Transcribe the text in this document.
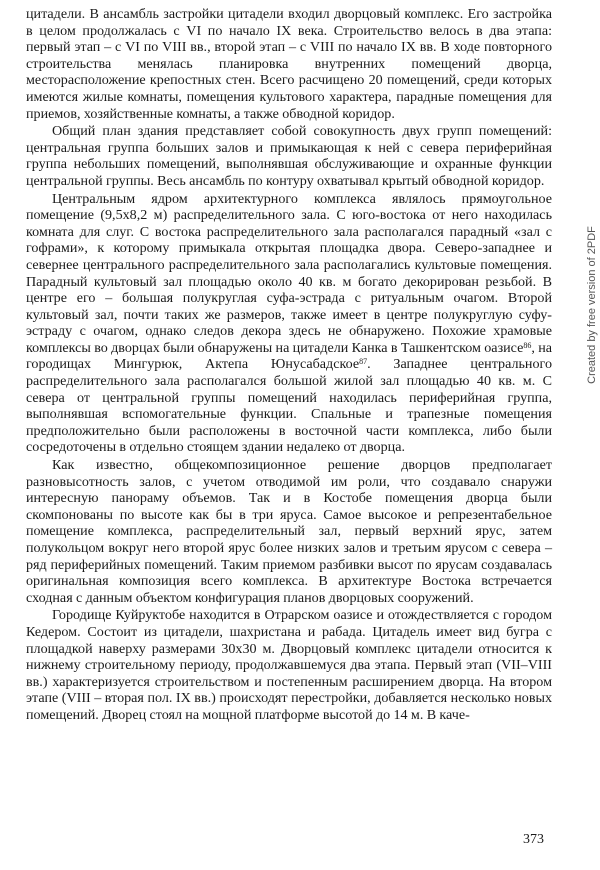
цитадели. В ансамбль застройки цитадели входил дворцовый комплекс. Его застройка в целом продолжалась с VI по начало IX века. Строительство велось в два этапа: первый этап – с VI по VIII вв., второй этап – с VIII по начало IX вв. В ходе повторного строительства менялась планировка внутренних помещений дворца, месторасположение крепостных стен. Всего расчищено 20 помещений, среди которых имеются жилые комнаты, помещения культового характера, парадные помещения для приемов, хозяйственные комнаты, а также обводной коридор.

Общий план здания представляет собой совокупность двух групп помещений: центральная группа больших залов и примыкающая к ней с севера периферийная группа небольших помещений, выполнявшая обслуживающие и охранные функции центральной группы. Весь ансамбль по контуру охватывал крытый обводной коридор.

Центральным ядром архитектурного комплекса являлось прямоугольное помещение (9,5х8,2 м) распределительного зала. С юго-востока от него находилась комната для слуг. С востока распределительного зала располагался парадный «зал с гофрами», к которому примыкала открытая площадка двора. Северо-западнее и севернее центрального распределительного зала располагались культовые помещения. Парадный культовый зал площадью около 40 кв. м богато декорирован резьбой. В центре его – большая полукруглая суфа-эстрада с ритуальным очагом. Второй культовый зал, почти таких же размеров, также имеет в центре полукруглую суфу-эстраду с очагом, однако следов декора здесь не обнаружено. Похожие храмовые комплексы во дворцах были обнаружены на цитадели Канка в Ташкентском оазисе$^{86}$, на городищах Мингурюк, Актепа Юнусабадское$^{87}$. Западнее центрального распределительного зала располагался большой жилой зал площадью 40 кв. м. С севера от центральной группы помещений находилась периферийная группа, выполнявшая вспомогательные функции. Спальные и трапезные помещения предположительно были расположены в восточной части комплекса, либо были сосредоточены в отдельно стоящем здании недалеко от дворца.

Как известно, общекомпозиционное решение дворцов предполагает разновысотность залов, с учетом отводимой им роли, что создавало снаружи интересную панораму объемов. Так и в Костобе помещения дворца были скомпонованы по высоте как бы в три яруса. Самое высокое и репрезентабельное помещение комплекса, распределительный зал, первый верхний ярус, затем полукольцом вокруг него второй ярус более низких залов и третьим ярусом с севера – ряд периферийных помещений. Таким приемом разбивки высот по ярусам создавалась оригинальная композиция всего комплекса. В архитектуре Востока встречается сходная с данным объектом конфигурация планов дворцовых сооружений.

Городище Куйруктобе находится в Отрарском оазисе и отождествляется с городом Кедером. Состоит из цитадели, шахристана и рабада. Цитадель имеет вид бугра с площадкой наверху размерами 30х30 м. Дворцовый комплекс цитадели относится к нижнему строительному периоду, продолжавшемуся два этапа. Первый этап (VII–VIII вв.) характеризуется строительством и постепенным расширением дворца. На втором этапе (VIII – вторая пол. IX вв.) происходят перестройки, добавляется несколько новых помещений. Дворец стоял на мощной платформе высотой до 14 м. В каче-

Created by free version of 2PDF
373
